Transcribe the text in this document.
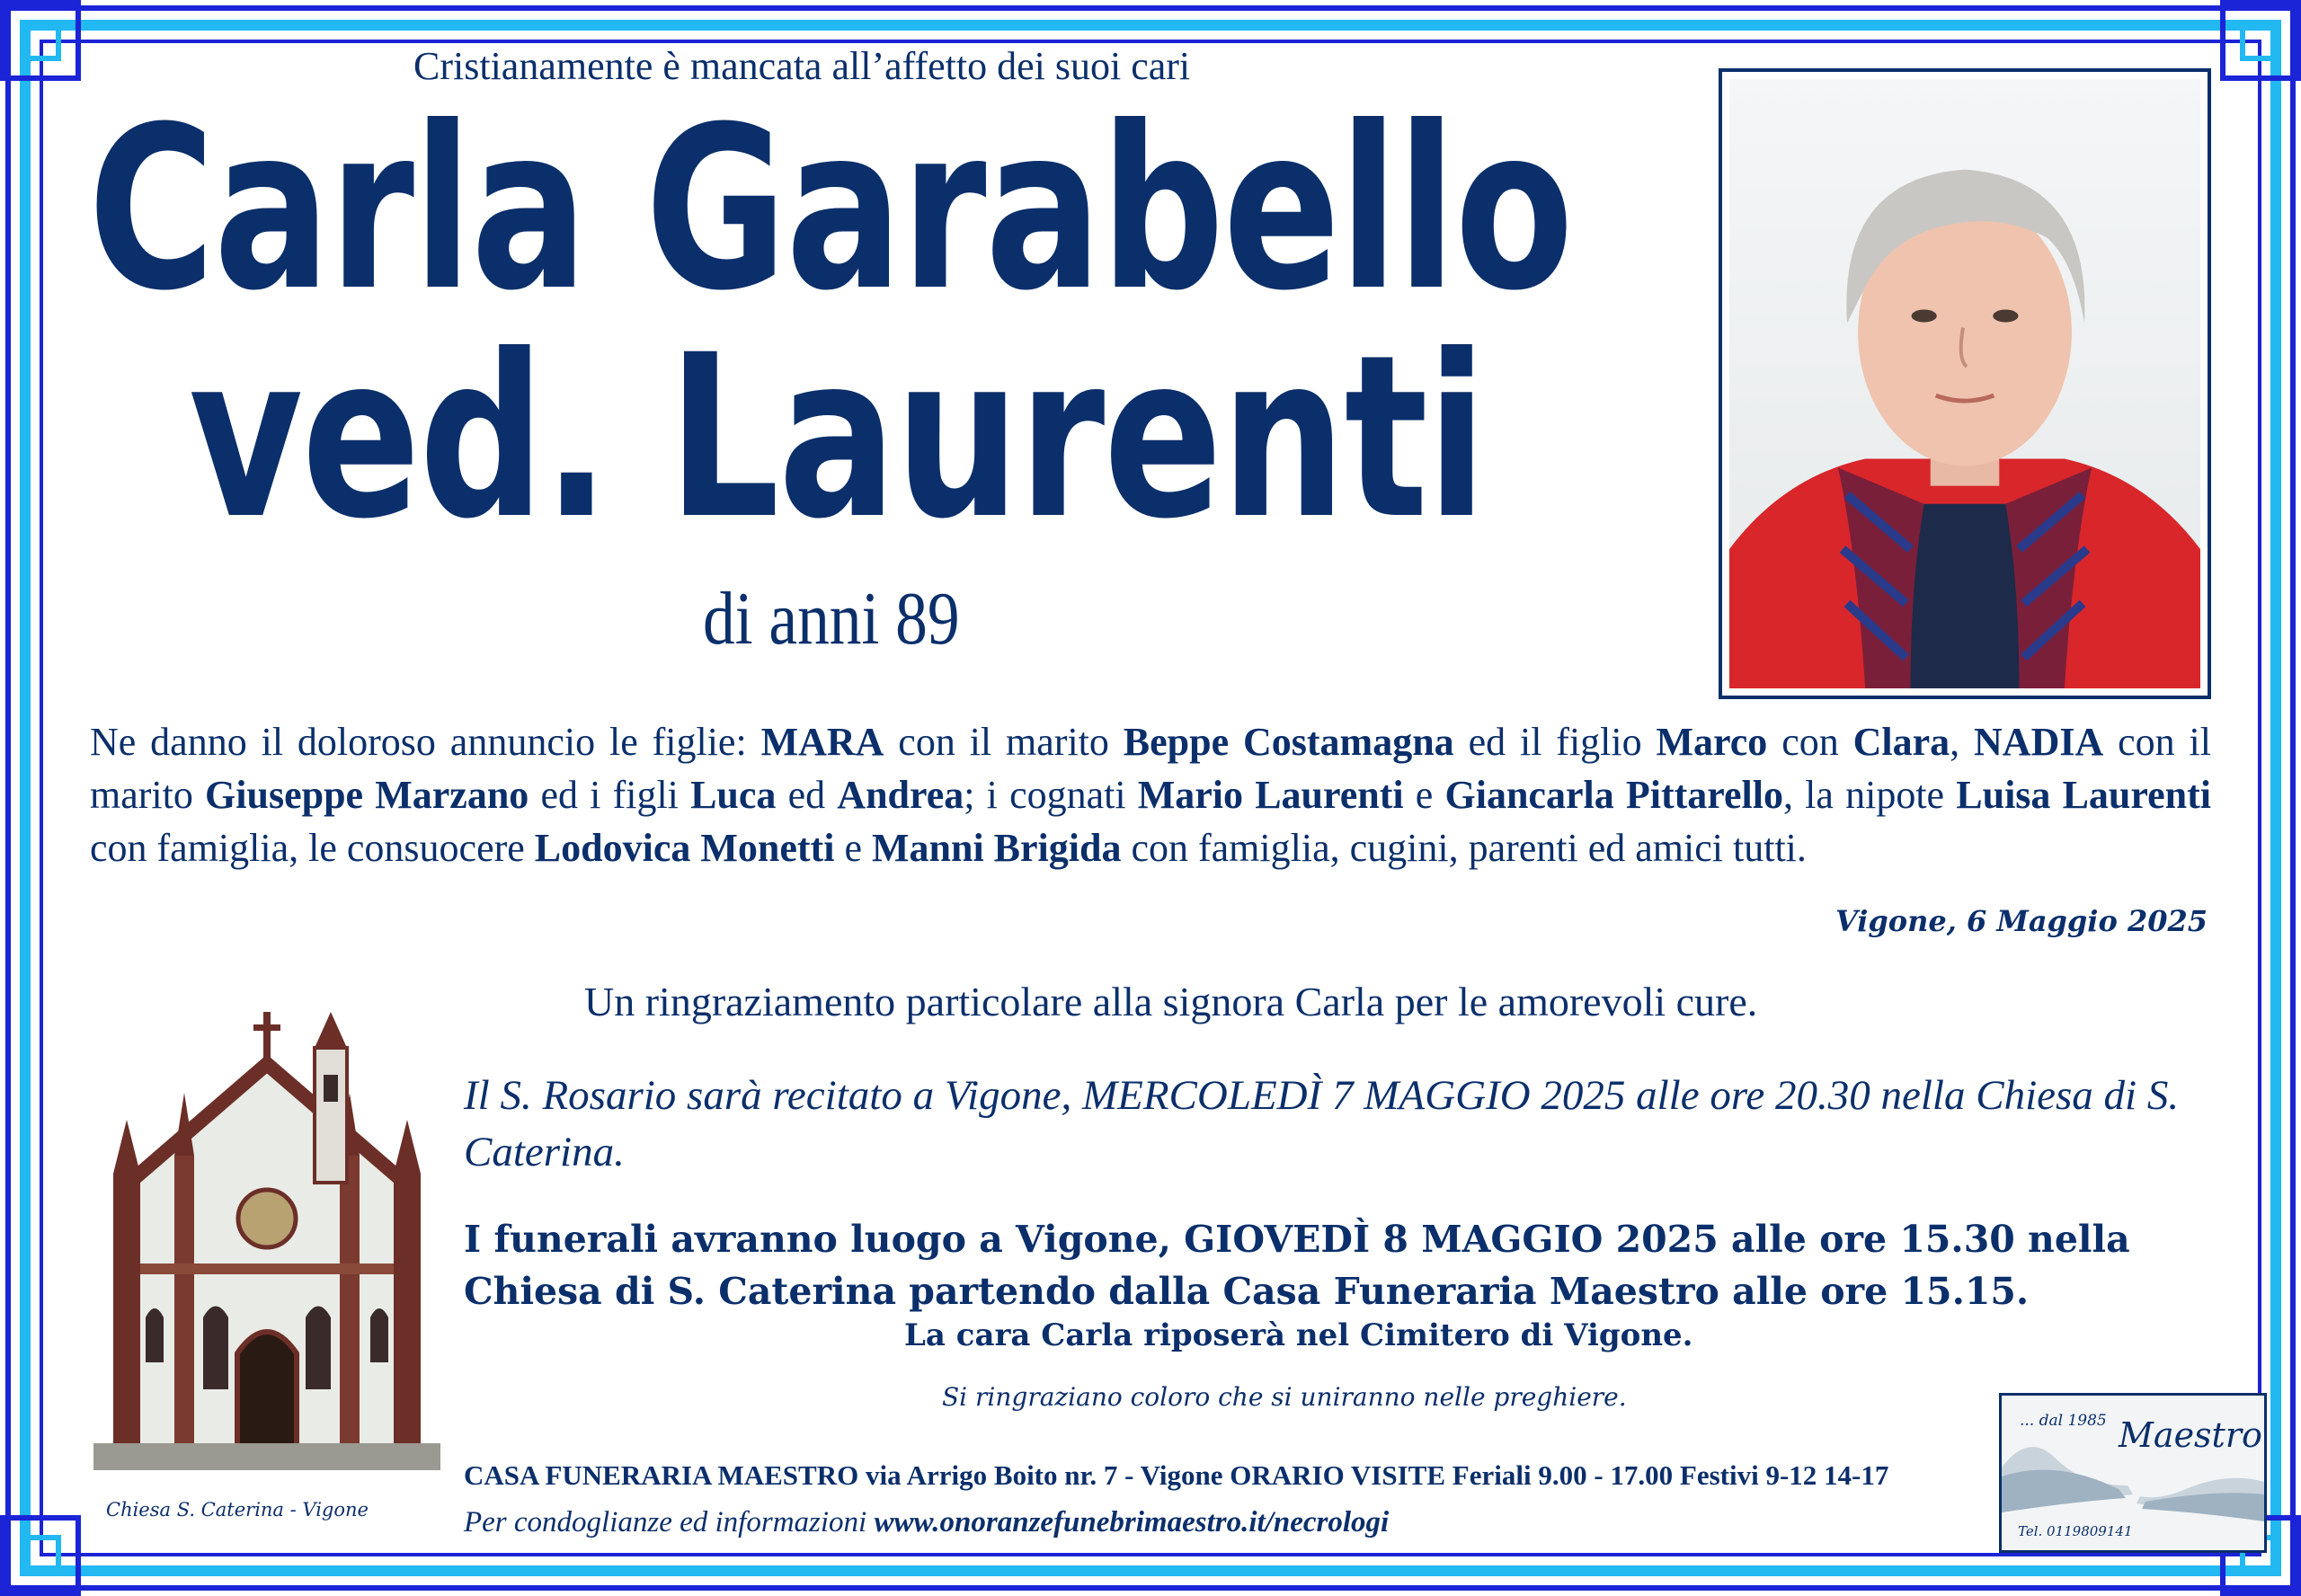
Cristianamente è mancata all’affetto dei suoi cari
Carla Garabello
ved. Laurenti
di anni 89
Ne danno il doloroso annuncio le figlie: MARA con il marito Beppe Costamagna ed il figlio Marco con Clara, NADIA con il marito Giuseppe Marzano ed i figli Luca ed Andrea; i cognati Mario Laurenti e Giancarla Pittarello, la nipote Luisa Laurenti con famiglia, le consuocere Lodovica Monetti e Manni Brigida con famiglia, cugini, parenti ed amici tutti.
Vigone, 6 Maggio 2025
Un ringraziamento particolare alla signora Carla per le amorevoli cure.
Il S. Rosario sarà recitato a Vigone, MERCOLEDÌ 7 MAGGIO 2025 alle ore 20.30 nella Chiesa di S. Caterina.
I funerali avranno luogo a Vigone, GIOVEDÌ 8 MAGGIO 2025 alle ore 15.30 nella Chiesa di S. Caterina partendo dalla Casa Funeraria Maestro alle ore 15.15.
La cara Carla riposerà nel Cimitero di Vigone.
Si ringraziano coloro che si uniranno nelle preghiere.
Chiesa S. Caterina - Vigone
CASA FUNERARIA MAESTRO via Arrigo Boito nr. 7 - Vigone ORARIO VISITE Feriali 9.00 - 17.00 Festivi 9-12 14-17
Per condoglianze ed informazioni www.onoranzefunebrimaestro.it/necrologi
... dal 1985 Maestro
Tel. 0119809141
